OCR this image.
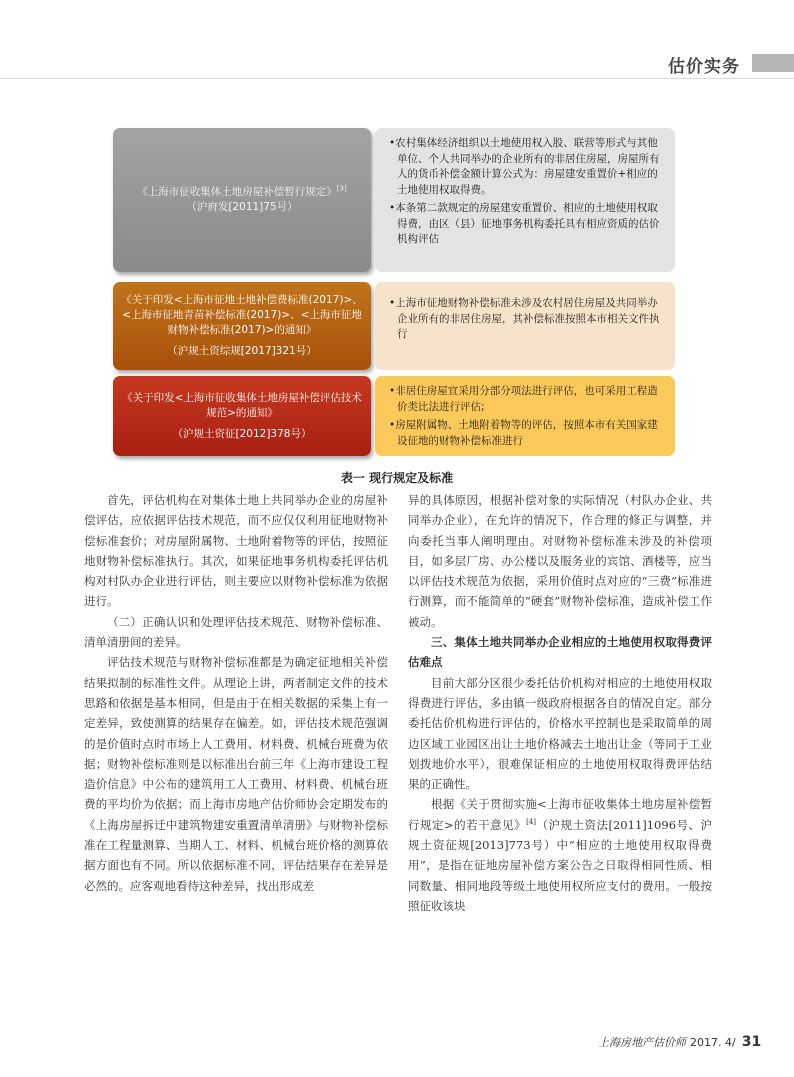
估价实务
《上海市征收集体土地房屋补偿暂行规定》[3]
（沪府发[2011]75号）

•农村集体经济组织以土地使用权入股、联营等形式与其他单位、个人共同举办的企业所有的非居住房屋，房屋所有人的货币补偿金额计算公式为：房屋建安重置价+相应的土地使用权取得费。

•本条第二款规定的房屋建安重置价、相应的土地使用权取得费，由区（县）征地事务机构委托具有相应资质的估价机构评估

《关于印发<上海市征地土地补偿费标准(2017)>、<上海市征地青苗补偿标准(2017)>、<上海市征地财物补偿标准(2017)>的通知》
（沪规土资综规[2017]321号）

•上海市征地财物补偿标准未涉及农村居住房屋及共同举办企业所有的非居住房屋，其补偿标准按照本市相关文件执行

《关于印发<上海市征收集体土地房屋补偿评估技术规范>的通知》
（沪规土资征[2012]378号）

•非居住房屋宜采用分部分项法进行评估，也可采用工程造价类比法进行评估;

•房屋附属物、土地附着物等的评估，按照本市有关国家建设征地的财物补偿标准进行

表一 现行规定及标准

首先，评估机构在对集体土地上共同举办企业的房屋补偿评估，应依据评估技术规范，而不应仅仅利用征地财物补偿标准套价；对房屋附属物、土地附着物等的评估，按照征地财物补偿标准执行。其次，如果征地事务机构委托评估机构对村队办企业进行评估，则主要应以财物补偿标准为依据进行。

（二）正确认识和处理评估技术规范、财物补偿标准、清单清册间的差异。

评估技术规范与财物补偿标准都是为确定征地相关补偿结果拟制的标准性文件。从理论上讲，两者制定文件的技术思路和依据是基本相同，但是由于在相关数据的采集上有一定差异，致使测算的结果存在偏差。如，评估技术规范强调的是价值时点时市场上人工费用、材料费、机械台班费为依据；财物补偿标准则是以标准出台前三年《上海市建设工程造价信息》中公布的建筑用工人工费用、材料费、机械台班费的平均价为依据；而上海市房地产估价师协会定期发布的《上海房屋拆迁中建筑物建安重置清单清册》与财物补偿标准在工程量测算、当期人工、材料、机械台班价格的测算依据方面也有不同。所以依据标准不同，评估结果存在差异是必然的。应客观地看待这种差异，找出形成差

异的具体原因，根据补偿对象的实际情况（村队办企业、共同举办企业），在允许的情况下，作合理的修正与调整，并向委托当事人阐明理由。对财物补偿标准未涉及的补偿项目，如多层厂房、办公楼以及服务业的宾馆、酒楼等，应当以评估技术规范为依据，采用价值时点对应的“三费”标准进行测算，而不能简单的“硬套”财物补偿标准，造成补偿工作被动。

三、集体土地共同举办企业相应的土地使用权取得费评估难点

目前大部分区很少委托估价机构对相应的土地使用权取得费进行评估，多由镇一级政府根据各自的情况自定。部分委托估价机构进行评估的，价格水平控制也是采取简单的周边区域工业园区出让土地价格减去土地出让金（等同于工业划拨地价水平），很难保证相应的土地使用权取得费评估结果的正确性。

根据《关于贯彻实施<上海市征收集体土地房屋补偿暂行规定>的若干意见》[4]（沪规土资法[2011]1096号、沪规土资征规[2013]773号）中“相应的土地使用权取得费用”，是指在征地房屋补偿方案公告之日取得相同性质、相同数量、相同地段等级土地使用权所应支付的费用。一般按照征收该块

上海房地产估价师 2017. 4/ 31
